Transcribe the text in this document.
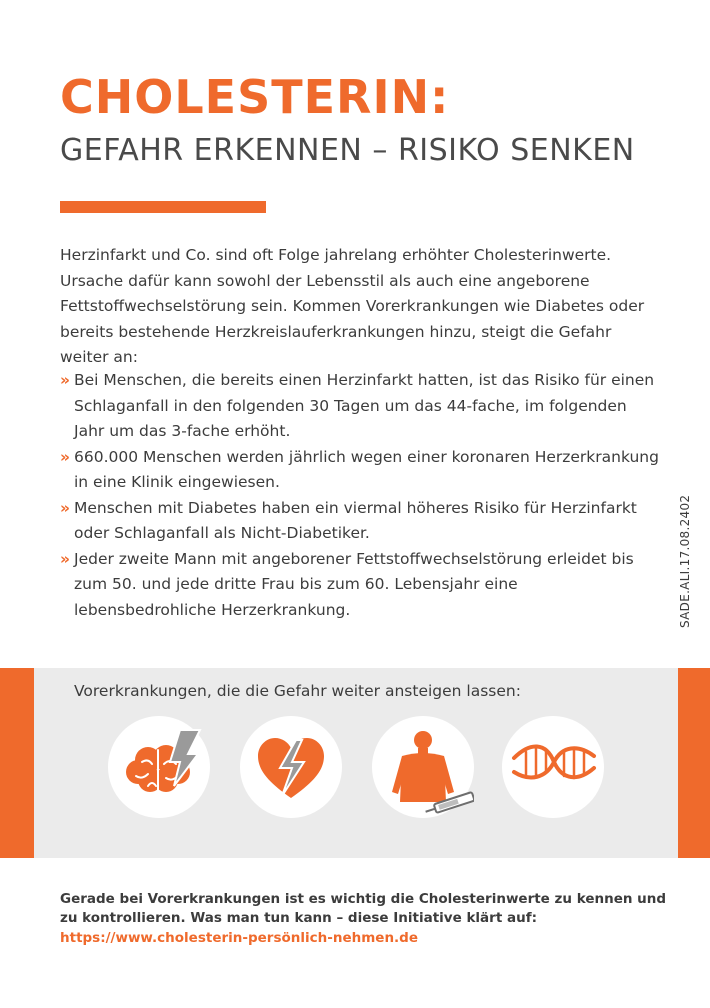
CHOLESTERIN:
GEFAHR ERKENNEN – RISIKO SENKEN

Herzinfarkt und Co. sind oft Folge jahrelang erhöhter Cholesterinwerte. Ursache dafür kann sowohl der Lebensstil als auch eine angeborene Fettstoffwechselstörung sein. Kommen Vorerkrankungen wie Diabetes oder bereits bestehende Herzkreislauferkrankungen hinzu, steigt die Gefahr weiter an:

» Bei Menschen, die bereits einen Herzinfarkt hatten, ist das Risiko für einen Schlaganfall in den folgenden 30 Tagen um das 44-fache, im folgenden Jahr um das 3-fache erhöht.
» 660.000 Menschen werden jährlich wegen einer koronaren Herzerkrankung in eine Klinik eingewiesen.
» Menschen mit Diabetes haben ein viermal höheres Risiko für Herzinfarkt oder Schlaganfall als Nicht-Diabetiker.
» Jeder zweite Mann mit angeborener Fettstoffwechselstörung erleidet bis zum 50. und jede dritte Frau bis zum 60. Lebensjahr eine lebensbedrohliche Herzerkrankung.	SADE.ALI.17.08.2402

Vorerkrankungen, die die Gefahr weiter ansteigen lassen:

Gerade bei Vorerkrankungen ist es wichtig die Cholesterinwerte zu kennen und zu kontrollieren. Was man tun kann – diese Initiative klärt auf:

https://www.cholesterin-persönlich-nehmen.de
